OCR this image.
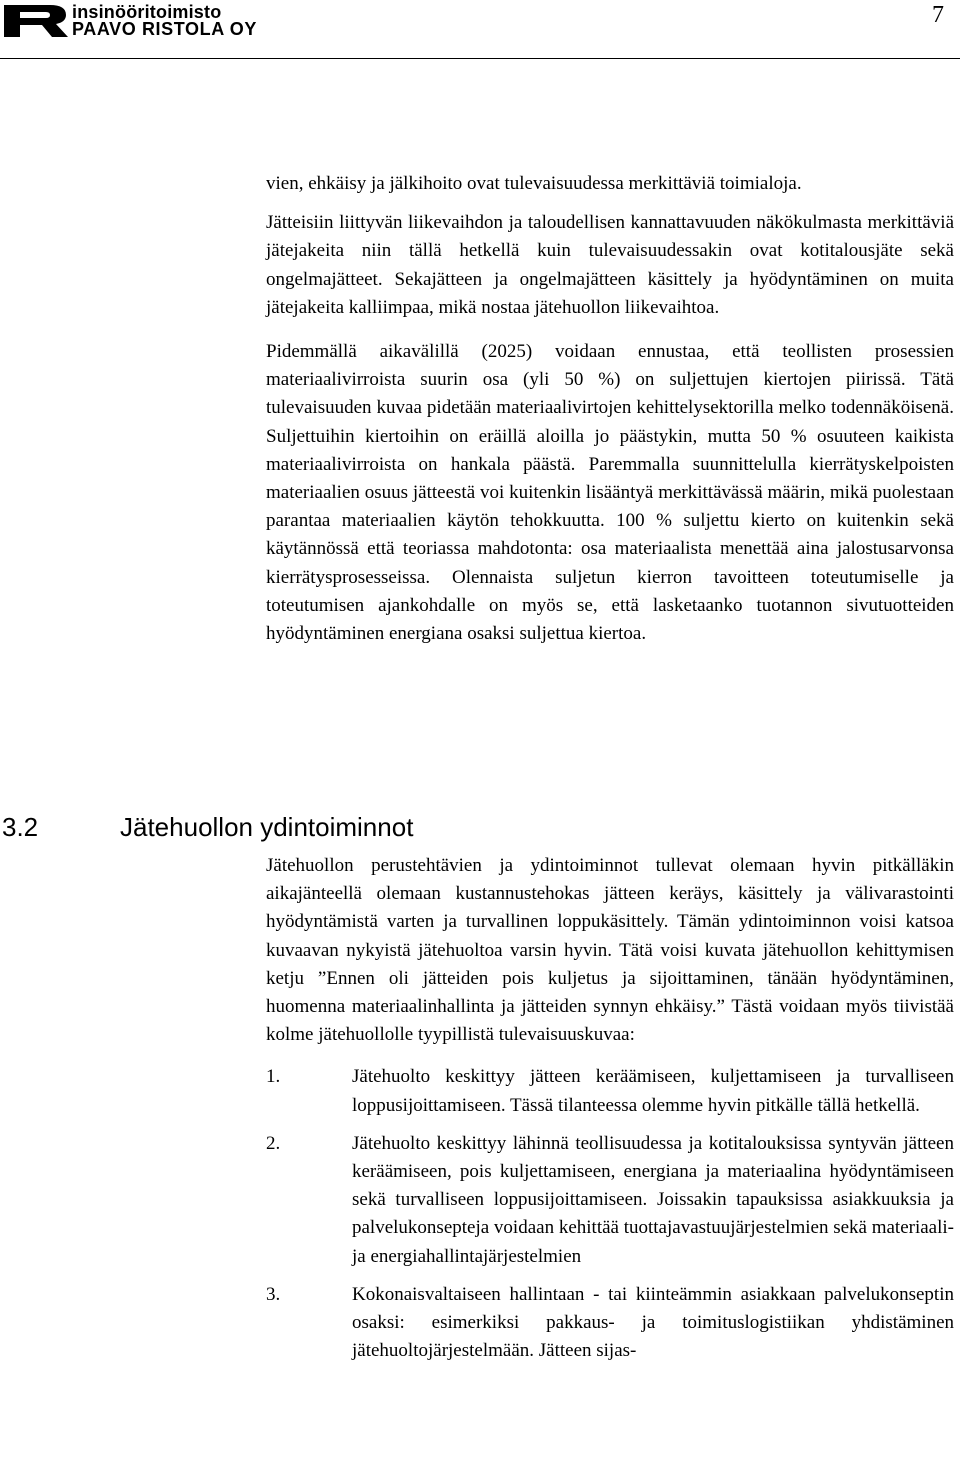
insinööritoimisto
PAAVO RISTOLA OY
7

vien, ehkäisy ja jälkihoito ovat tulevaisuudessa merkittäviä toimialoja.

Jätteisiin liittyvän liikevaihdon ja taloudellisen kannattavuuden näkökulmasta merkittäviä jätejakeita niin tällä hetkellä kuin tulevaisuudessakin ovat kotitalousjäte sekä ongelmajätteet. Sekajätteen ja ongelmajätteen käsittely ja hyödyntäminen on muita jätejakeita kalliimpaa, mikä nostaa jätehuollon liikevaihtoa.

Pidemmällä aikavälillä (2025) voidaan ennustaa, että teollisten prosessien materiaalivirroista suurin osa (yli 50 %) on suljettujen kiertojen piirissä. Tätä tulevaisuuden kuvaa pidetään materiaalivirtojen kehittelysektorilla melko todennäköisenä. Suljettuihin kiertoihin on eräillä aloilla jo päästykin, mutta 50 % osuuteen kaikista materiaalivirroista on hankala päästä. Paremmalla suunnittelulla kierrätyskelpoisten materiaalien osuus jätteestä voi kuitenkin lisääntyä merkittävässä määrin, mikä puolestaan parantaa materiaalien käytön tehokkuutta. 100 % suljettu kierto on kuitenkin sekä käytännössä että teoriassa mahdotonta: osa materiaalista menettää aina jalostusarvonsa kierrätysprosesseissa. Olennaista suljetun kierron tavoitteen toteutumiselle ja toteutumisen ajankohdalle on myös se, että lasketaanko tuotannon sivutuotteiden hyödyntäminen energiana osaksi suljettua kiertoa.

3.2	Jätehuollon ydintoiminnot

Jätehuollon perustehtävien ja ydintoiminnot tullevat olemaan hyvin pitkälläkin aikajänteellä olemaan kustannustehokas jätteen keräys, käsittely ja välivarastointi hyödyntämistä varten ja turvallinen loppukäsittely. Tämän ydintoiminnon voisi katsoa kuvaavan nykyistä jätehuoltoa varsin hyvin. Tätä voisi kuvata jätehuollon kehittymisen ketju ”Ennen oli jätteiden pois kuljetus ja sijoittaminen, tänään hyödyntäminen, huomenna materiaalinhallinta ja jätteiden synnyn ehkäisy.” Tästä voidaan myös tiivistää kolme jätehuollolle tyypillistä tulevaisuuskuvaa:

1.	Jätehuolto keskittyy jätteen keräämiseen, kuljettamiseen ja turvalliseen loppusijoittamiseen. Tässä tilanteessa olemme hyvin pitkälle tällä hetkellä.
2.	Jätehuolto keskittyy lähinnä teollisuudessa ja kotitalouksissa syntyvän jätteen keräämiseen, pois kuljettamiseen, energiana ja materiaalina hyödyntämiseen sekä turvalliseen loppusijoittamiseen. Joissakin tapauksissa asiakkuuksia ja palvelukonsepteja voidaan kehittää tuottajavastuujärjestelmien sekä materiaali- ja energiahallintajärjestelmien
3.	Kokonaisvaltaiseen hallintaan - tai kiinteämmin asiakkaan palvelukonseptin osaksi: esimerkiksi pakkaus- ja toimituslogistiikan yhdistäminen jätehuoltojärjestelmään. Jätteen sijas-
